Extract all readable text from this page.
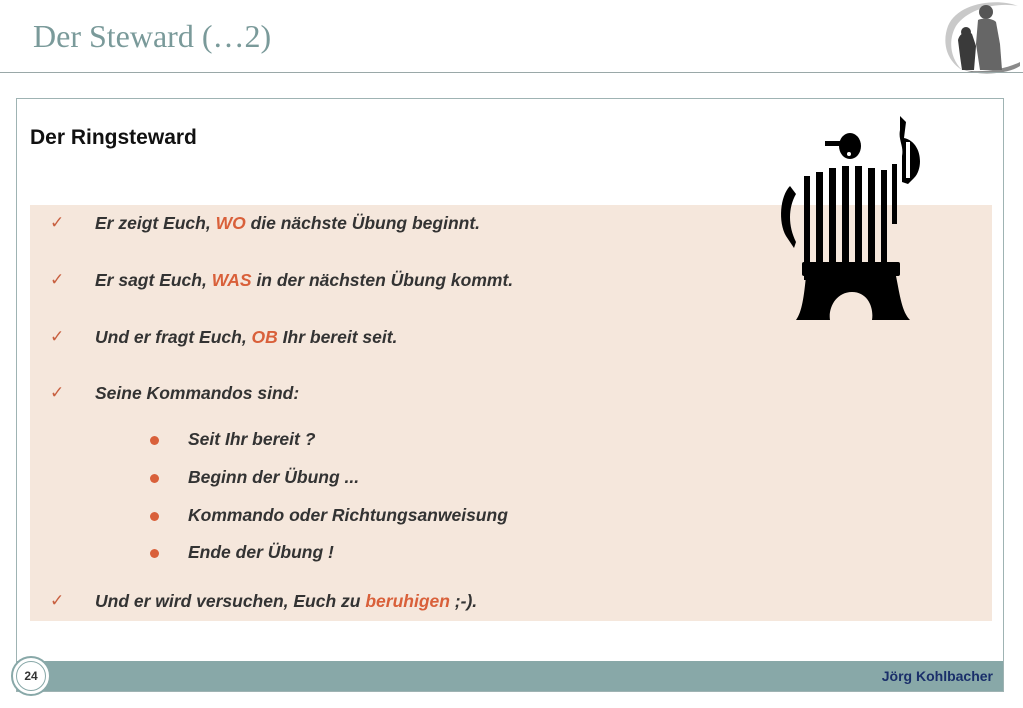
Der Steward (…2)
Der Ringsteward
✓ Er zeigt Euch, WO die nächste Übung beginnt.
✓ Er sagt Euch, WAS in der nächsten Übung kommt.
✓ Und er fragt Euch, OB Ihr bereit seit.
✓ Seine Kommandos sind:
Seit Ihr bereit ?
Beginn der Übung ...
Kommando oder Richtungsanweisung
Ende der Übung !
✓ Und er wird versuchen, Euch zu beruhigen ;-).
Jörg Kohlbacher
24
